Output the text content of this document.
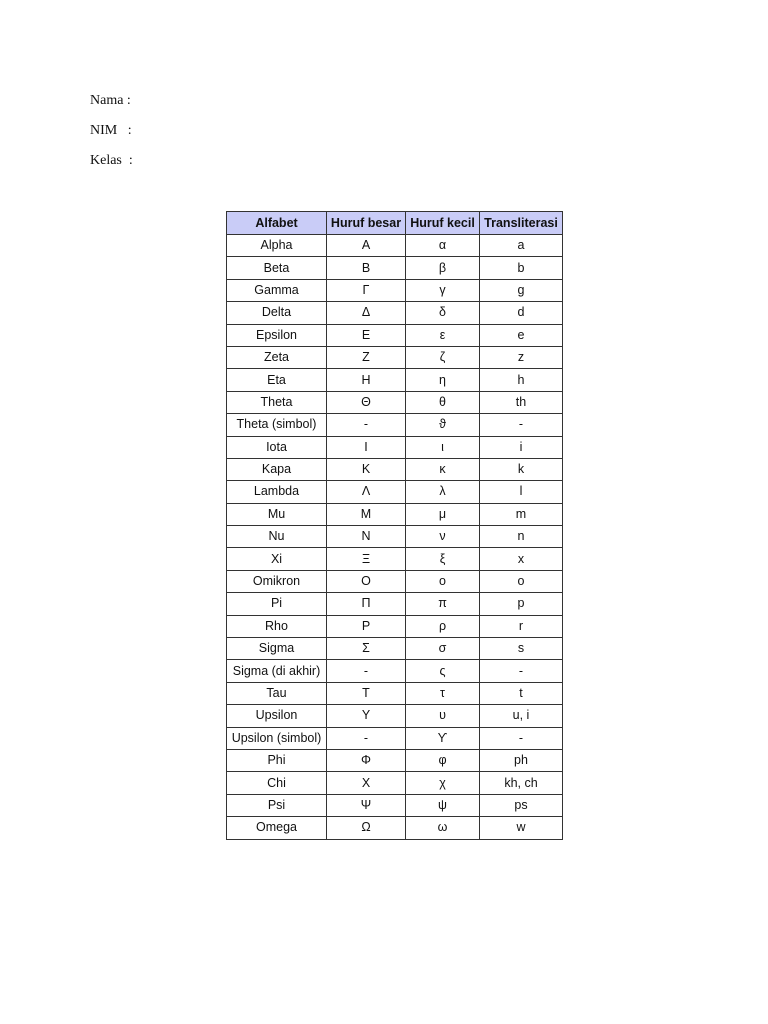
Nama :
NIM   :
Kelas  :
Alfabet	Huruf besar	Huruf kecil	Transliterasi
Alpha	Α	α	a
Beta	Β	β	b
Gamma	Γ	γ	g
Delta	Δ	δ	d
Epsilon	Ε	ε	e
Zeta	Ζ	ζ	z
Eta	Η	η	h
Theta	Θ	θ	th
Theta (simbol)	-	ϑ	-
Iota	Ι	ι	i
Kapa	Κ	κ	k
Lambda	Λ	λ	l
Mu	Μ	μ	m
Nu	Ν	ν	n
Xi	Ξ	ξ	x
Omikron	Ο	ο	o
Pi	Π	π	p
Rho	Ρ	ρ	r
Sigma	Σ	σ	s
Sigma (di akhir)	-	ς	-
Tau	Τ	τ	t
Upsilon	Υ	υ	u, i
Upsilon (simbol)	-	ϒ	-
Phi	Φ	φ	ph
Chi	Χ	χ	kh, ch
Psi	Ψ	ψ	ps
Omega	Ω	ω	w
